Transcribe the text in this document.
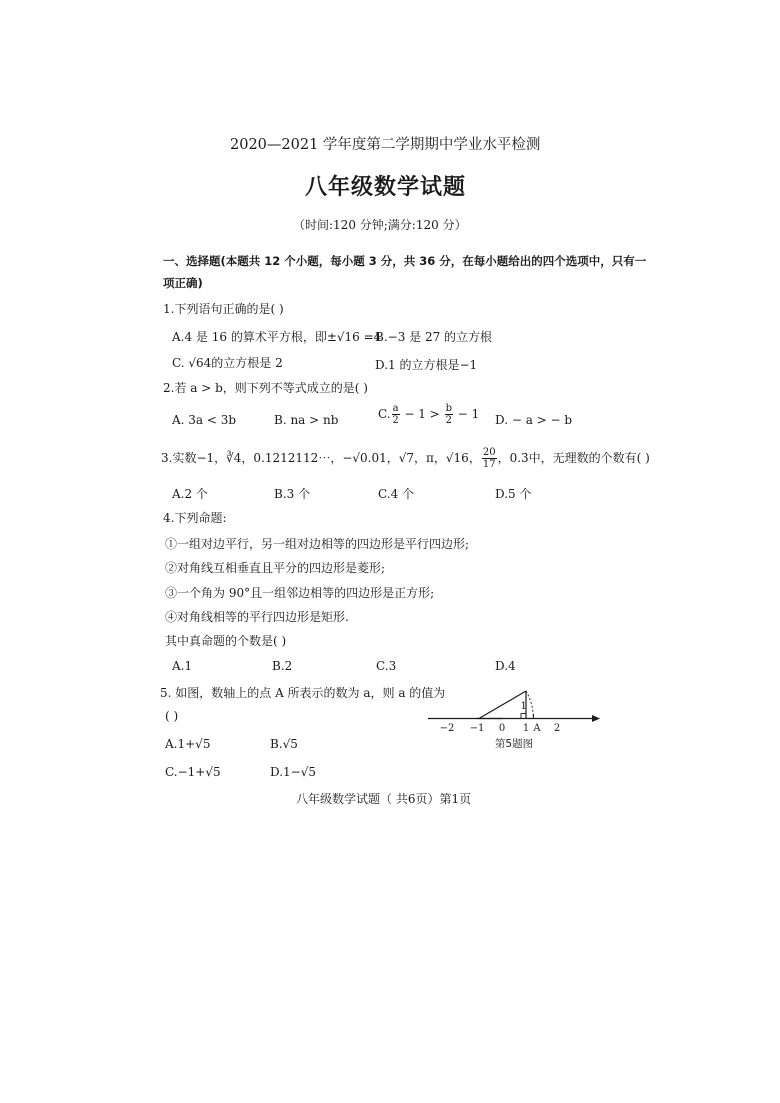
2020—2021 学年度第二学期期中学业水平检测
八年级数学试题
（时间:120 分钟;满分:120 分）
一、选择题(本题共 12 个小题，每小题 3 分，共 36 分，在每小题给出的四个选项中，只有一
项正确)
1.下列语句正确的是( )
A.4 是 16 的算术平方根，即±√16 =4
B.−3 是 27 的立方根
C. √64的立方根是 2	D.1 的立方根是−1
2.若 a > b，则下列不等式成立的是( )
A. 3a < 3b	B. na > nb	C. $\frac{a}{2} - 1 > \frac{b}{2} - 1$ D. − a > − b
3.实数−1，∛4，0.1212112⋯，−√0.01，√7，π，√16， $\frac{20}{17}$ ，0.3̇中，无理数的个数有( )
A.2 个	B.3 个	C.4 个	D.5 个
4.下列命题:
①一组对边平行，另一组对边相等的四边形是平行四边形;
②对角线互相垂直且平分的四边形是菱形;
③一个角为 90°且一组邻边相等的四边形是正方形;
④对角线相等的平行四边形是矩形.
其中真命题的个数是( )
A.1	B.2	C.3	D.4
5. 如图，数轴上的点 A 所表示的数为 a，则 a 的值为
( )
A.1+√5	B.√5
C.−1+√5	D.1−√5
1
−2 −1 0 1 A 2
第5题图
八年级数学试题（ 共6页）第1页
